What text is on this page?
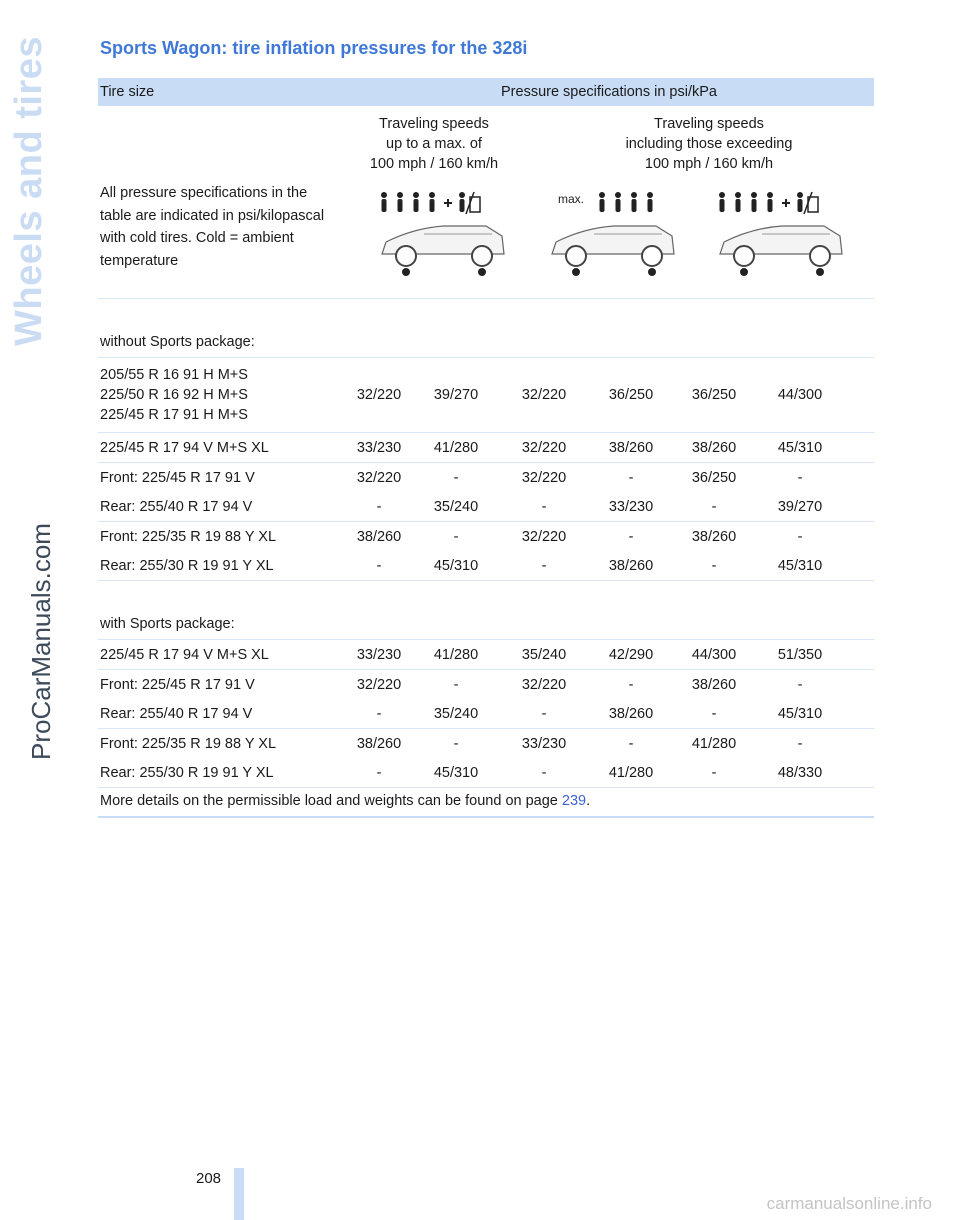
Wheels and tires
ProCarManuals.com
Sports Wagon: tire inflation pressures for the 328i
Tire size	Pressure specifications in psi/kPa
Traveling speeds
up to a max. of
100 mph / 160 km/h
Traveling speeds
including those exceeding
100 mph / 160 km/h
All pressure specifications in the table are indicated in psi/kilopascal with cold tires. Cold = ambient temperature
max.
without Sports package:
205/55 R 16 91 H M+S
225/50 R 16 92 H M+S
225/45 R 17 91 H M+S
32/220	39/270	32/220	36/250	36/250	44/300
225/45 R 17 94 V M+S XL	33/230	41/280	32/220	38/260	38/260	45/310
Front: 225/45 R 17 91 V	32/220	-	32/220	-	36/250	-
Rear: 255/40 R 17 94 V	-	35/240	-	33/230	-	39/270
Front: 225/35 R 19 88 Y XL	38/260	-	32/220	-	38/260	-
Rear: 255/30 R 19 91 Y XL	-	45/310	-	38/260	-	45/310
with Sports package:
225/45 R 17 94 V M+S XL	33/230	41/280	35/240	42/290	44/300	51/350
Front: 225/45 R 17 91 V	32/220	-	32/220	-	38/260	-
Rear: 255/40 R 17 94 V	-	35/240	-	38/260	-	45/310
Front: 225/35 R 19 88 Y XL	38/260	-	33/230	-	41/280	-
Rear: 255/30 R 19 91 Y XL	-	45/310	-	41/280	-	48/330
More details on the permissible load and weights can be found on page 239.
208
carmanualsonline.info
